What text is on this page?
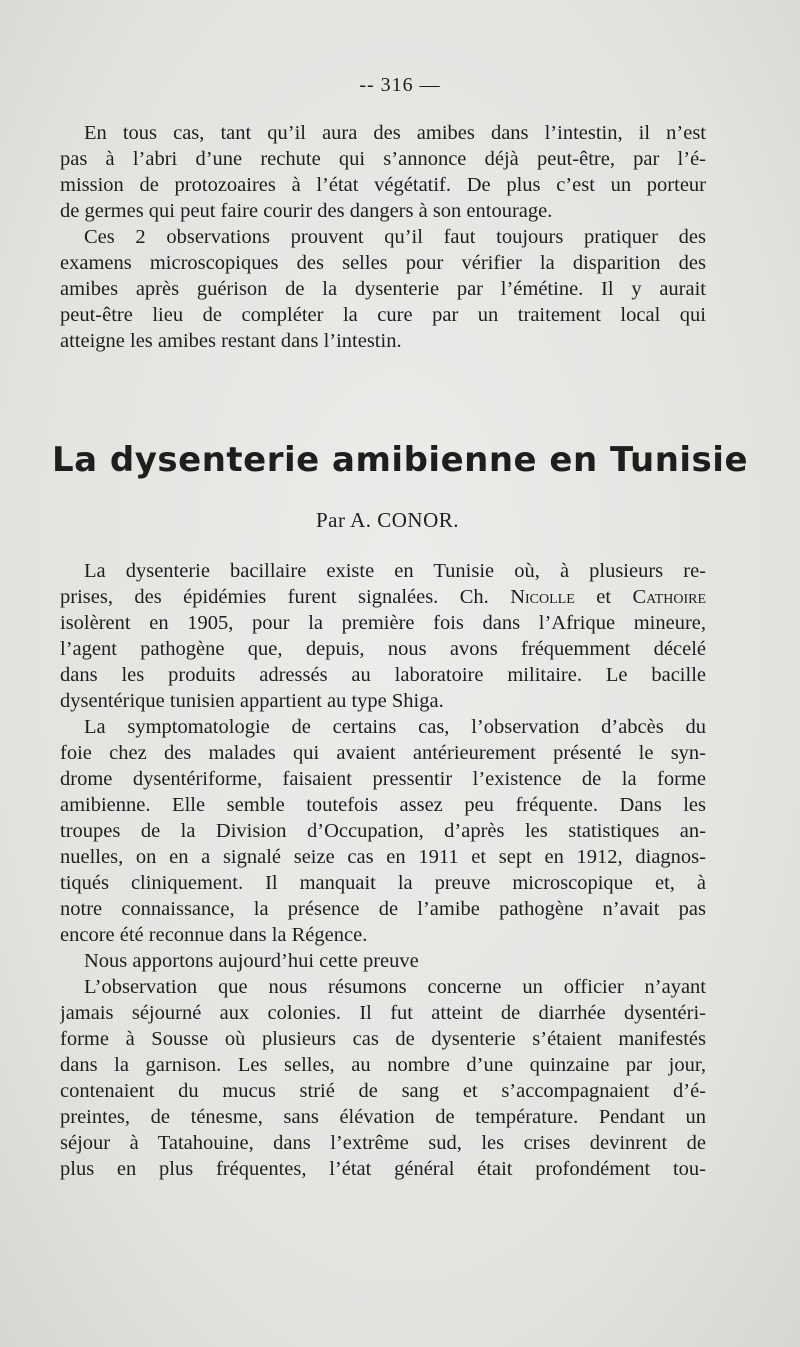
-- 316 —
En tous cas, tant qu’il aura des amibes dans l’intestin, il n’est
pas à l’abri d’une rechute qui s’annonce déjà peut-être, par l’é-
mission de protozoaires à l’état végétatif. De plus c’est un porteur
de germes qui peut faire courir des dangers à son entourage.
Ces 2 observations prouvent qu’il faut toujours pratiquer des
examens microscopiques des selles pour vérifier la disparition des
amibes après guérison de la dysenterie par l’émétine. Il y aurait
peut-être lieu de compléter la cure par un traitement local qui
atteigne les amibes restant dans l’intestin.
La dysenterie amibienne en Tunisie
Par A. CONOR.
La dysenterie bacillaire existe en Tunisie où, à plusieurs re-
prises, des épidémies furent signalées. Ch. Nicolle et Cathoire
isolèrent en 1905, pour la première fois dans l’Afrique mineure,
l’agent pathogène que, depuis, nous avons fréquemment décelé
dans les produits adressés au laboratoire militaire. Le bacille
dysentérique tunisien appartient au type Shiga.
La symptomatologie de certains cas, l’observation d’abcès du
foie chez des malades qui avaient antérieurement présenté le syn-
drome dysentériforme, faisaient pressentir l’existence de la forme
amibienne. Elle semble toutefois assez peu fréquente. Dans les
troupes de la Division d’Occupation, d’après les statistiques an-
nuelles, on en a signalé seize cas en 1911 et sept en 1912, diagnos-
tiqués cliniquement. Il manquait la preuve microscopique et, à
notre connaissance, la présence de l’amibe pathogène n’avait pas
encore été reconnue dans la Régence.
Nous apportons aujourd’hui cette preuve
L’observation que nous résumons concerne un officier n’ayant
jamais séjourné aux colonies. Il fut atteint de diarrhée dysentéri-
forme à Sousse où plusieurs cas de dysenterie s’étaient manifestés
dans la garnison. Les selles, au nombre d’une quinzaine par jour,
contenaient du mucus strié de sang et s’accompagnaient d’é-
preintes, de ténesme, sans élévation de température. Pendant un
séjour à Tatahouine, dans l’extrême sud, les crises devinrent de
plus en plus fréquentes, l’état général était profondément tou-
